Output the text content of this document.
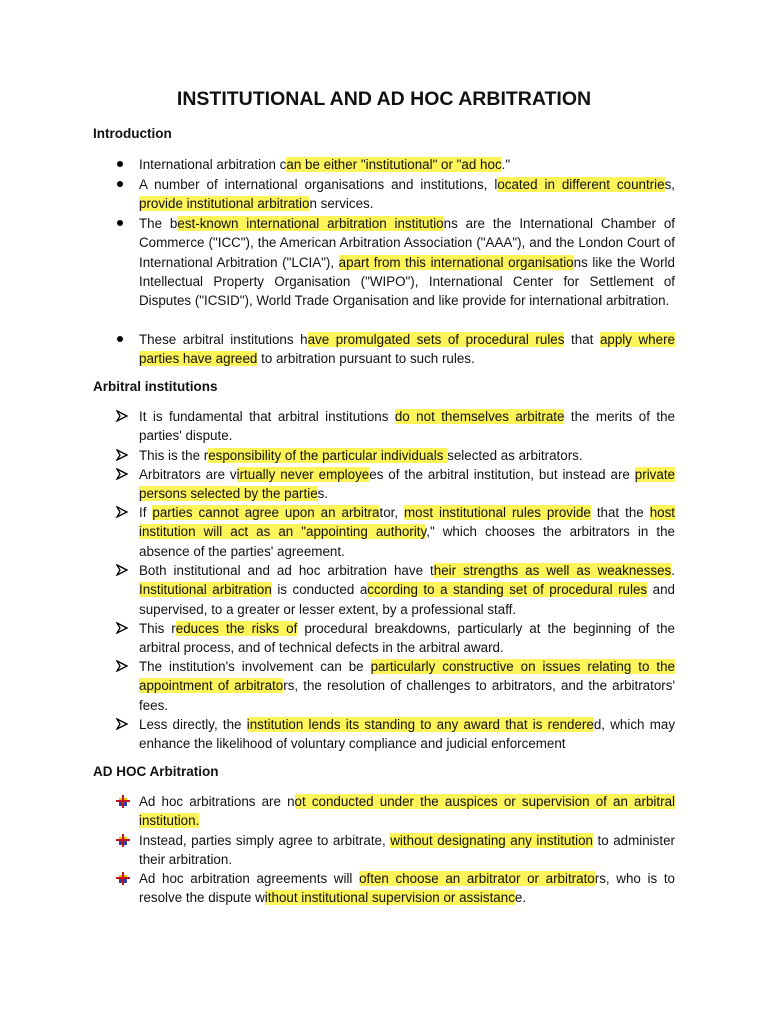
INSTITUTIONAL AND AD HOC ARBITRATION
Introduction
Arbitral institutions
AD HOC Arbitration
International arbitration can be either "institutional" or "ad hoc."
A number of international organisations and institutions, located in different countries, provide institutional arbitration services.
The best-known international arbitration institutions are the International Chamber of Commerce ("ICC"), the American Arbitration Association ("AAA"), and the London Court of International Arbitration ("LCIA"), apart from this international organisations like the World Intellectual Property Organisation ("WIPO"), International Center for Settlement of Disputes ("ICSID"), World Trade Organisation and like provide for international arbitration.
These arbitral institutions have promulgated sets of procedural rules that apply where parties have agreed to arbitration pursuant to such rules.
It is fundamental that arbitral institutions do not themselves arbitrate the merits of the parties' dispute.
This is the responsibility of the particular individuals selected as arbitrators.
Arbitrators are virtually never employees of the arbitral institution, but instead are private persons selected by the parties.
If parties cannot agree upon an arbitrator, most institutional rules provide that the host institution will act as an "appointing authority," which chooses the arbitrators in the absence of the parties' agreement.
Both institutional and ad hoc arbitration have their strengths as well as weaknesses. Institutional arbitration is conducted according to a standing set of procedural rules and supervised, to a greater or lesser extent, by a professional staff.
This reduces the risks of procedural breakdowns, particularly at the beginning of the arbitral process, and of technical defects in the arbitral award.
The institution's involvement can be particularly constructive on issues relating to the appointment of arbitrators, the resolution of challenges to arbitrators, and the arbitrators' fees.
Less directly, the institution lends its standing to any award that is rendered, which may enhance the likelihood of voluntary compliance and judicial enforcement
Ad hoc arbitrations are not conducted under the auspices or supervision of an arbitral institution.
Instead, parties simply agree to arbitrate, without designating any institution to administer their arbitration.
Ad hoc arbitration agreements will often choose an arbitrator or arbitrators, who is to resolve the dispute without institutional supervision or assistance.
